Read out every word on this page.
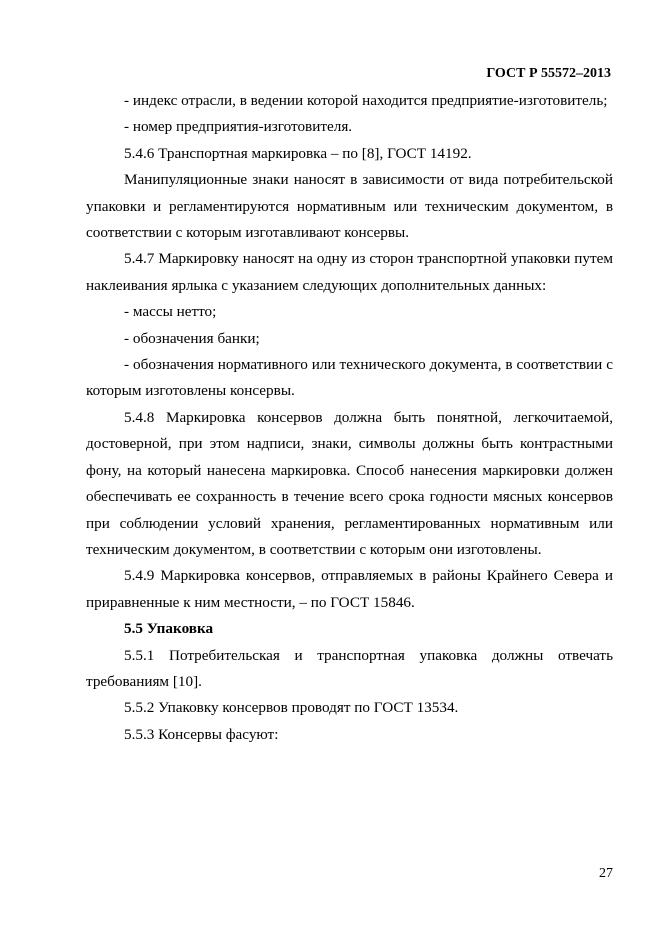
ГОСТ Р 55572–2013

- индекс отрасли, в ведении которой находится предприятие-изготовитель;

- номер предприятия-изготовителя.

5.4.6 Транспортная маркировка – по [8], ГОСТ 14192.

Манипуляционные знаки наносят в зависимости от вида потребительской упаковки и регламентируются нормативным или техническим документом, в соответствии с которым изготавливают консервы.

5.4.7 Маркировку наносят на одну из сторон транспортной упаковки путем наклеивания ярлыка с указанием следующих дополнительных данных:

- массы нетто;

- обозначения банки;

- обозначения нормативного или технического документа, в соответствии с которым изготовлены консервы.

5.4.8 Маркировка консервов должна быть понятной, легкочитаемой, достоверной, при этом надписи, знаки, символы должны быть контрастными фону, на который нанесена маркировка. Способ нанесения маркировки должен обеспечивать ее сохранность в течение всего срока годности мясных консервов при соблюдении условий хранения, регламентированных нормативным или техническим документом, в соответствии с которым они изготовлены.

5.4.9 Маркировка консервов, отправляемых в районы Крайнего Севера и приравненные к ним местности, – по ГОСТ 15846.

5.5 Упаковка

5.5.1 Потребительская и транспортная упаковка должны отвечать требованиям [10].

5.5.2 Упаковку консервов проводят по ГОСТ 13534.

5.5.3 Консервы фасуют:

27
